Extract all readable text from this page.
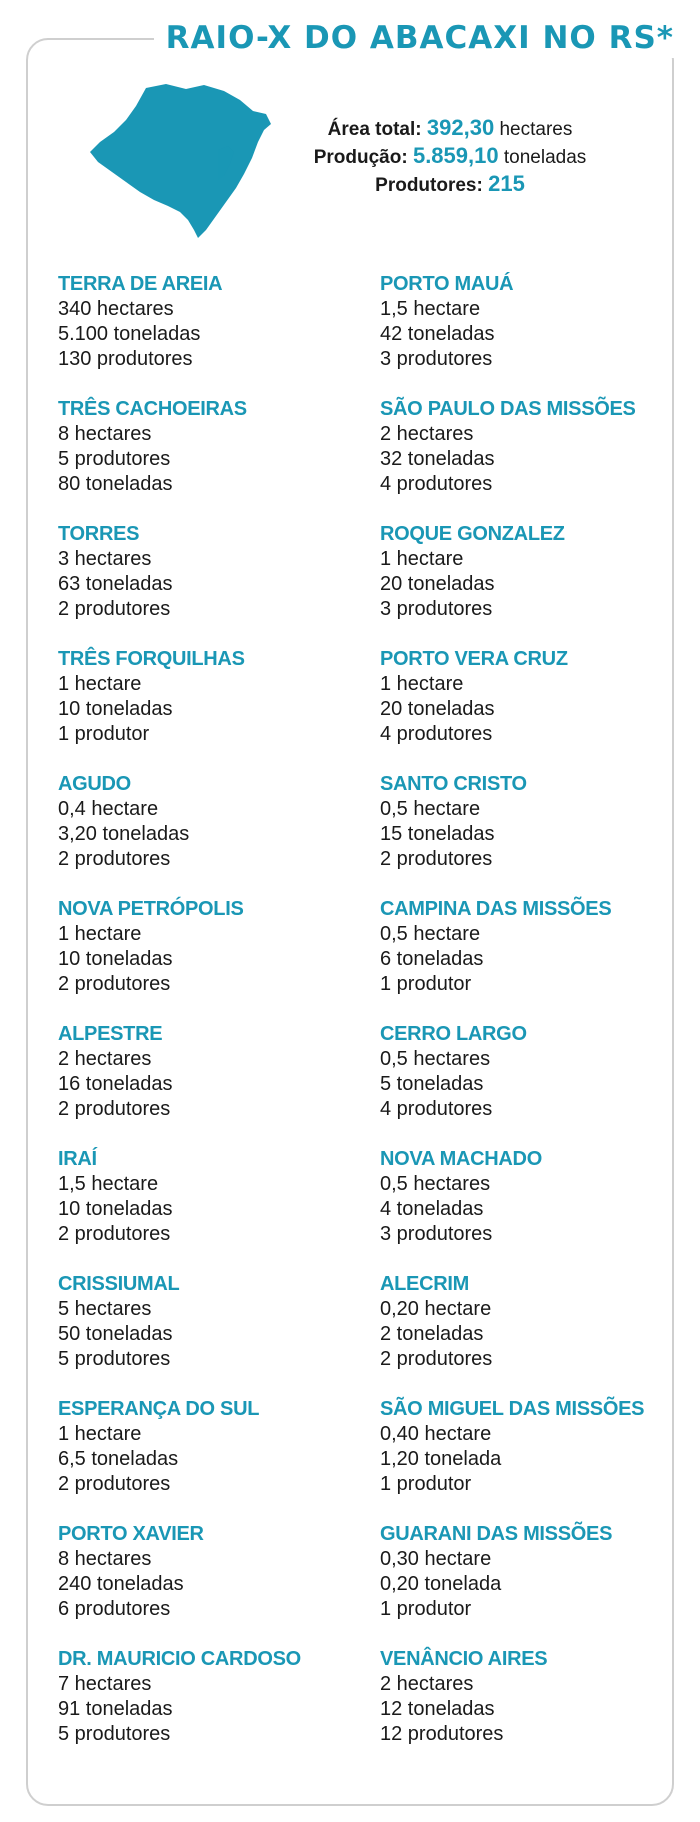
RAIO-X DO ABACAXI NO RS*
Área total: 392,30 hectares
Produção: 5.859,10 toneladas
Produtores: 215
TERRA DE AREIA
340 hectares
5.100 toneladas
130 produtores
TRÊS CACHOEIRAS
8 hectares
5 produtores
80 toneladas
TORRES
3 hectares
63 toneladas
2 produtores
TRÊS FORQUILHAS
1 hectare
10 toneladas
1 produtor
AGUDO
0,4 hectare
3,20 toneladas
2 produtores
NOVA PETRÓPOLIS
1 hectare
10 toneladas
2 produtores
ALPESTRE
2 hectares
16 toneladas
2 produtores
IRAÍ
1,5 hectare
10 toneladas
2 produtores
CRISSIUMAL
5 hectares
50 toneladas
5 produtores
ESPERANÇA DO SUL
1 hectare
6,5 toneladas
2 produtores
PORTO XAVIER
8 hectares
240 toneladas
6 produtores
DR. MAURICIO CARDOSO
7 hectares
91 toneladas
5 produtores
PORTO MAUÁ
1,5 hectare
42 toneladas
3 produtores
SÃO PAULO DAS MISSÕES
2 hectares
32 toneladas
4 produtores
ROQUE GONZALEZ
1 hectare
20 toneladas
3 produtores
PORTO VERA CRUZ
1 hectare
20 toneladas
4 produtores
SANTO CRISTO
0,5 hectare
15 toneladas
2 produtores
CAMPINA DAS MISSÕES
0,5 hectare
6 toneladas
1 produtor
CERRO LARGO
0,5 hectares
5 toneladas
4 produtores
NOVA MACHADO
0,5 hectares
4 toneladas
3 produtores
ALECRIM
0,20 hectare
2 toneladas
2 produtores
SÃO MIGUEL DAS MISSÕES
0,40 hectare
1,20 tonelada
1 produtor
GUARANI DAS MISSÕES
0,30 hectare
0,20 tonelada
1 produtor
VENÂNCIO AIRES
2 hectares
12 toneladas
12 produtores
